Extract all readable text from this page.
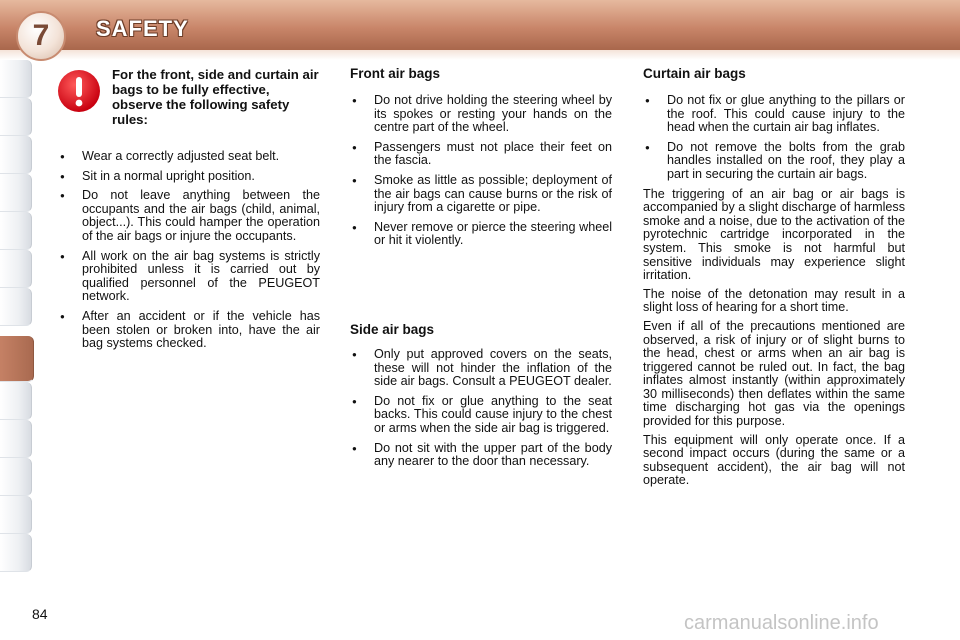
7 SAFETY
For the front, side and curtain air bags to be fully effective, observe the following safety rules:
● Wear a correctly adjusted seat belt.
● Sit in a normal upright position.
● Do not leave anything between the occupants and the air bags (child, animal, object...). This could hamper the operation of the air bags or injure the occupants.
● All work on the air bag systems is strictly prohibited unless it is carried out by qualified personnel of the PEUGEOT network.
● After an accident or if the vehicle has been stolen or broken into, have the air bag systems checked.
Front air bags
● Do not drive holding the steering wheel by its spokes or resting your hands on the centre part of the wheel.
● Passengers must not place their feet on the fascia.
● Smoke as little as possible; deployment of the air bags can cause burns or the risk of injury from a cigarette or pipe.
● Never remove or pierce the steering wheel or hit it violently.
Side air bags
● Only put approved covers on the seats, these will not hinder the inflation of the side air bags. Consult a PEUGEOT dealer.
● Do not fix or glue anything to the seat backs. This could cause injury to the chest or arms when the side air bag is triggered.
● Do not sit with the upper part of the body any nearer to the door than necessary.
Curtain air bags
● Do not fix or glue anything to the pillars or the roof. This could cause injury to the head when the curtain air bag inflates.
● Do not remove the bolts from the grab handles installed on the roof, they play a part in securing the curtain air bags.

The triggering of an air bag or air bags is accompanied by a slight discharge of harmless smoke and a noise, due to the activation of the pyrotechnic cartridge incorporated in the system. This smoke is not harmful but sensitive individuals may experience slight irritation.

The noise of the detonation may result in a slight loss of hearing for a short time.

Even if all of the precautions mentioned are observed, a risk of injury or of slight burns to the head, chest or arms when an air bag is triggered cannot be ruled out. In fact, the bag inflates almost instantly (within approximately 30 milliseconds) then deflates within the same time discharging hot gas via the openings provided for this purpose.

This equipment will only operate once. If a second impact occurs (during the same or a subsequent accident), the air bag will not operate.

84	carmanualsonline.info
